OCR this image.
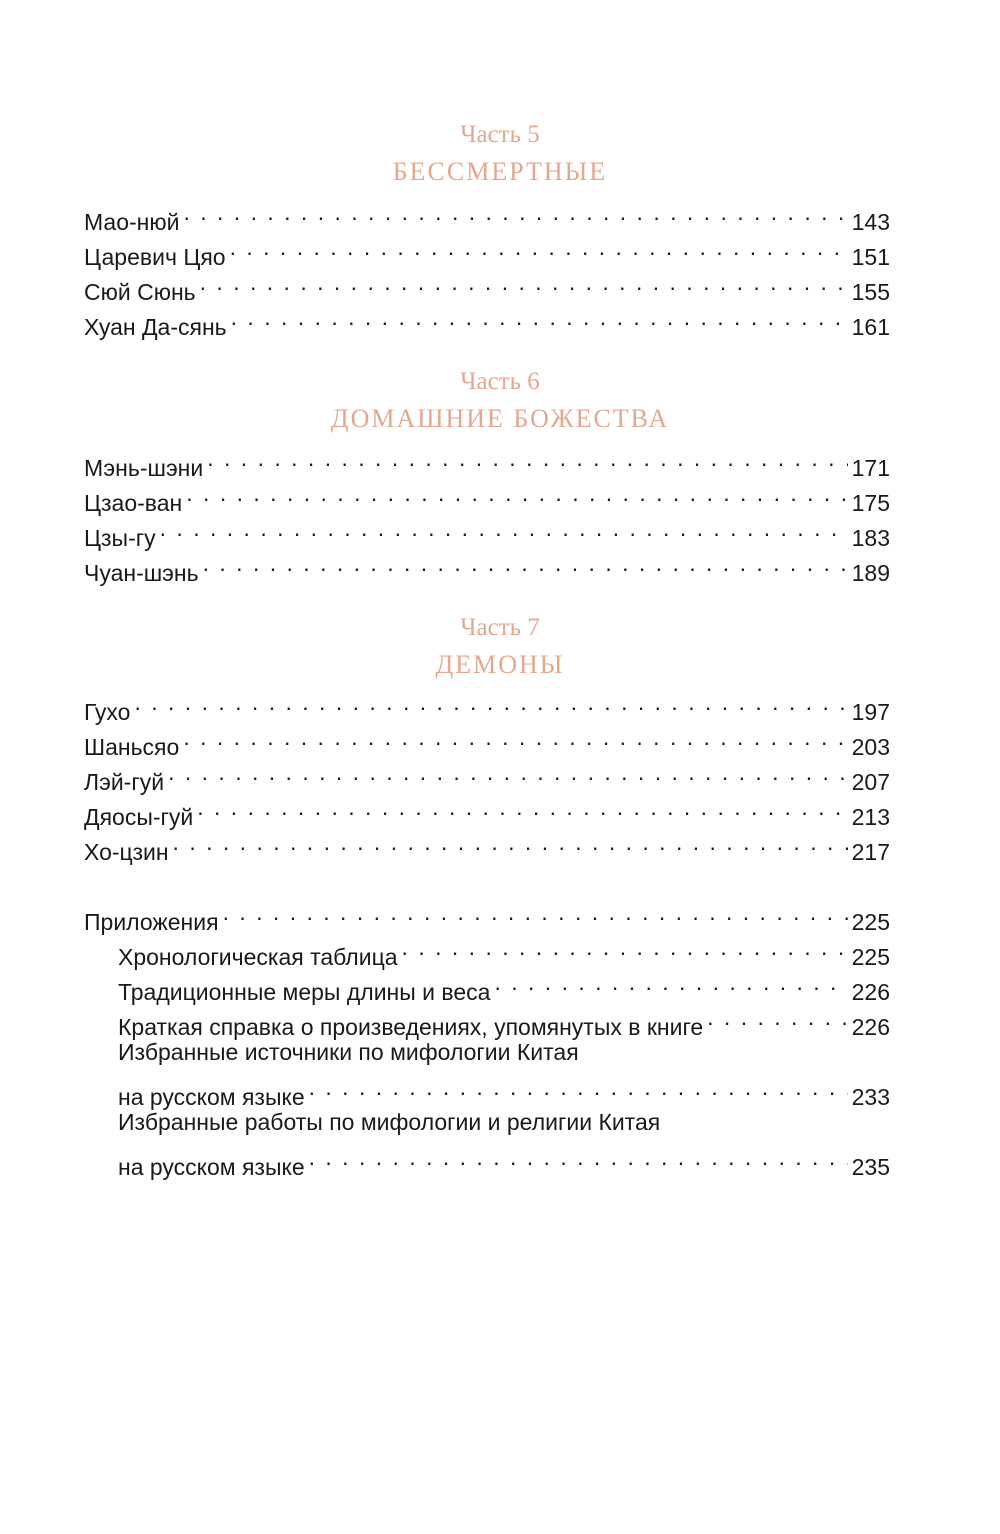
Часть 5
БЕССМЕРТНЫЕ
Мао-нюй . . .	143
Царевич Цяо . . .	151
Сюй Сюнь . . .	155
Хуан Да-сянь . . .	161
Часть 6
ДОМАШНИЕ БОЖЕСТВА
Мэнь-шэни . . .	171
Цзао-ван . . .	175
Цзы-гу . . .	183
Чуан-шэнь . . .	189
Часть 7
ДЕМОНЫ
Гухо . . .	197
Шаньсяо . . .	203
Лэй-гуй . . .	207
Дяосы-гуй . . .	213
Хо-цзин . . .	217
Приложения . . .	225
Хронологическая таблица . . .	225
Традиционные меры длины и веса . . .	226
Краткая справка о произведениях, упомянутых в книге . . .	226
Избранные источники по мифологии Китая
на русском языке . . .	233
Избранные работы по мифологии и религии Китая
на русском языке . . .	235
